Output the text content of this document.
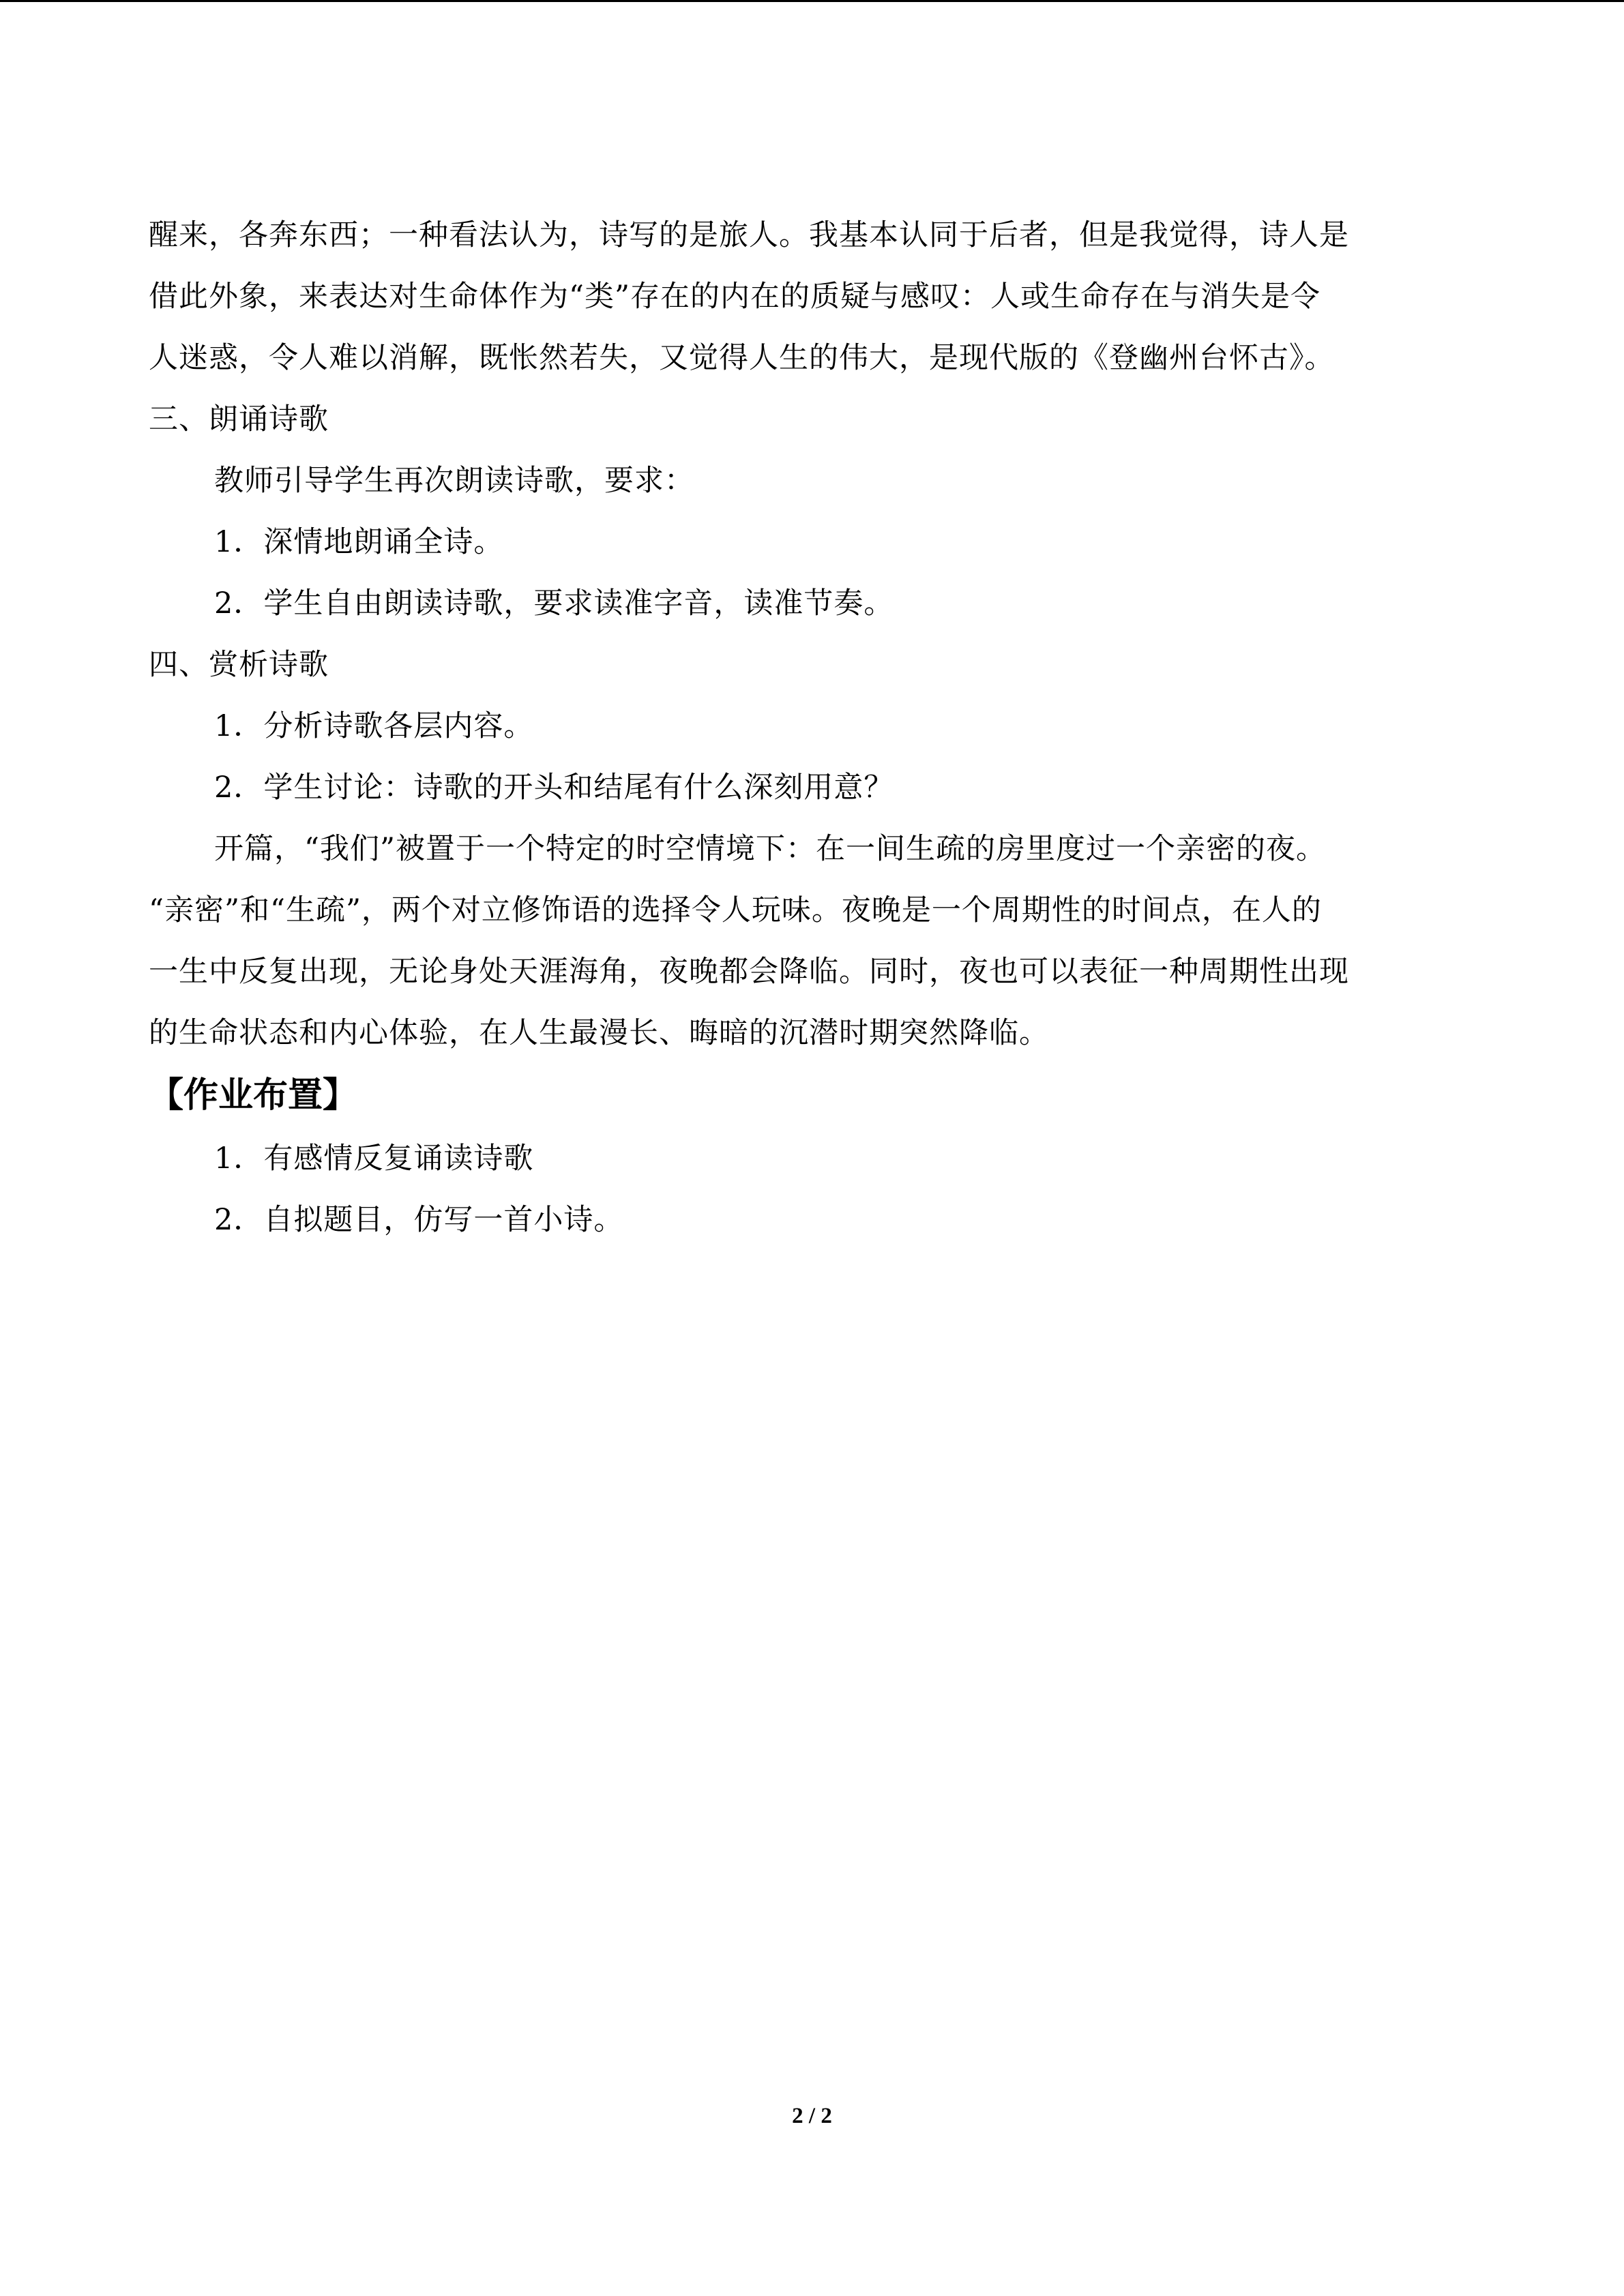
醒来，各奔东西；一种看法认为，诗写的是旅人。我基本认同于后者，但是我觉得，诗人是
借此外象，来表达对生命体作为“类”存在的内在的质疑与感叹：人或生命存在与消失是令
人迷惑，令人难以消解，既怅然若失，又觉得人生的伟大，是现代版的《登幽州台怀古》。
三、朗诵诗歌
教师引导学生再次朗读诗歌，要求：
1．深情地朗诵全诗。
2．学生自由朗读诗歌，要求读准字音，读准节奏。
四、赏析诗歌
1．分析诗歌各层内容。
2．学生讨论：诗歌的开头和结尾有什么深刻用意？
开篇，“我们”被置于一个特定的时空情境下：在一间生疏的房里度过一个亲密的夜。
“亲密”和“生疏”，两个对立修饰语的选择令人玩味。夜晚是一个周期性的时间点，在人的
一生中反复出现，无论身处天涯海角，夜晚都会降临。同时，夜也可以表征一种周期性出现
的生命状态和内心体验，在人生最漫长、晦暗的沉潜时期突然降临。
【作业布置】
1．有感情反复诵读诗歌
2．自拟题目，仿写一首小诗。
2 / 2
